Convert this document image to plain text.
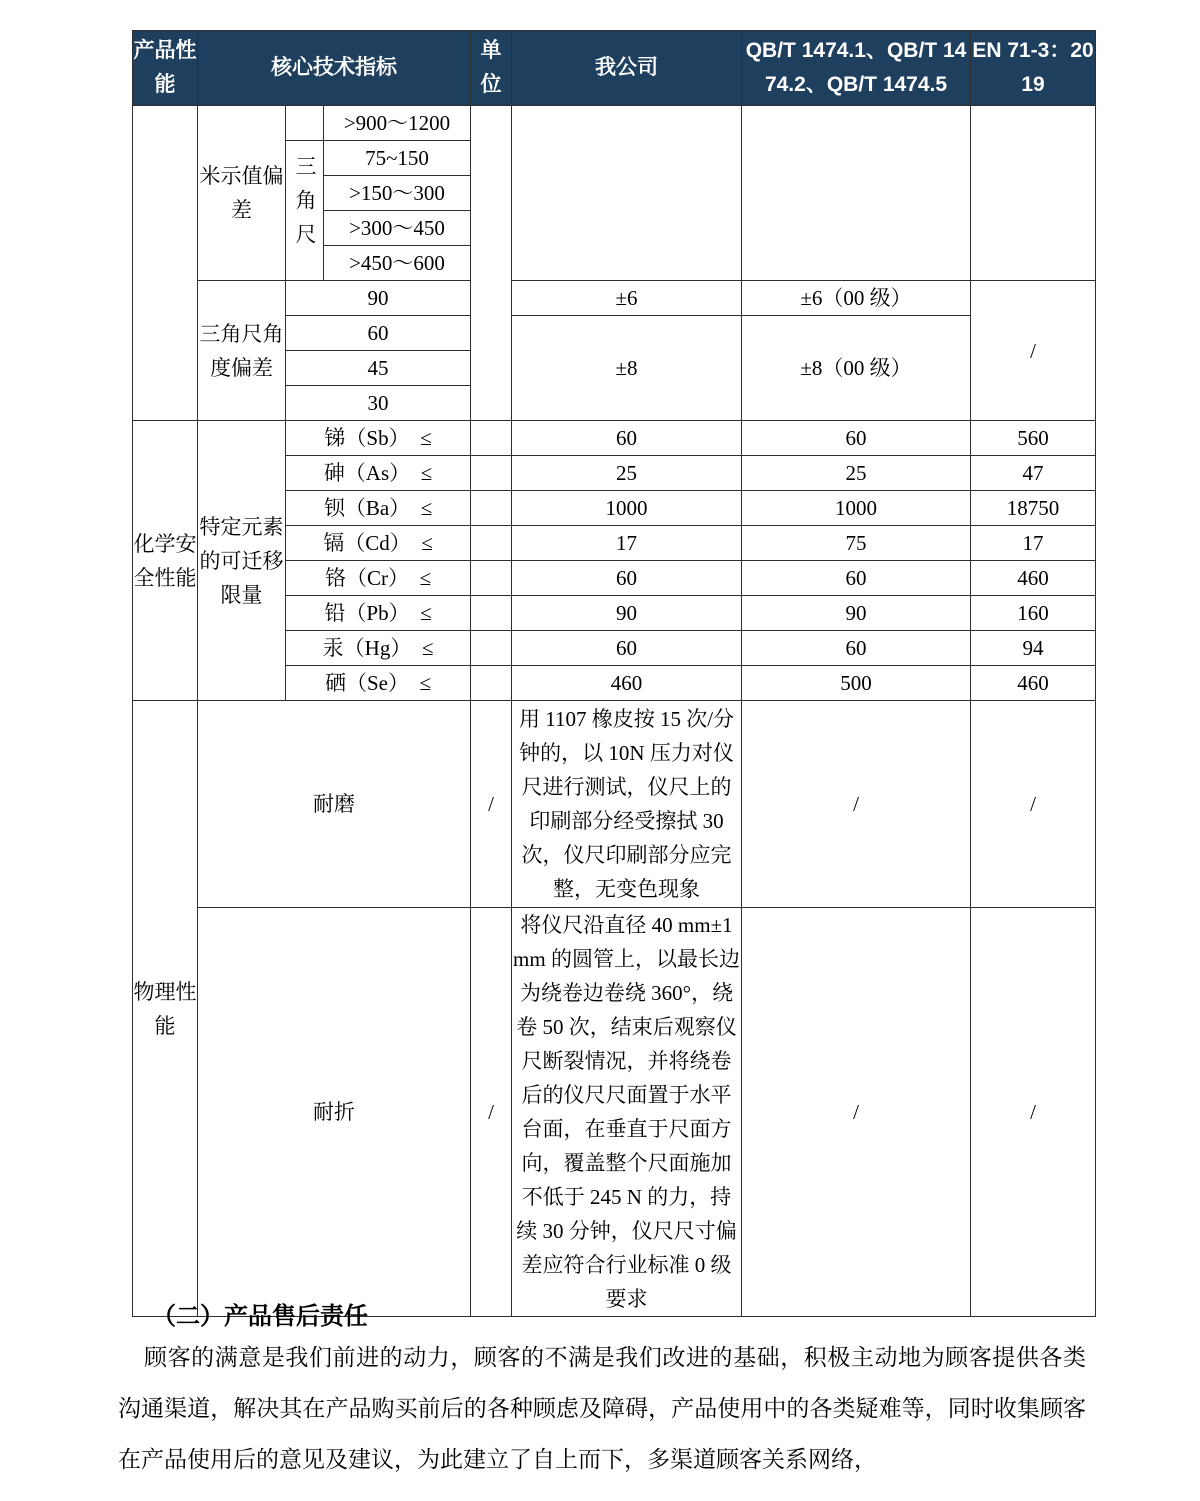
产品性能	核心技术指标			单位	我公司	QB/T 1474.1、QB/T 1474.2、QB/T 1474.5	EN 71-3：2019
	米示值偏差		>900～1200				
		三角尺	75~150				
			>150～300				
			>300～450				
			>450～600				
	三角尺角度偏差	90			±6	±6（00 级）	/
		60			±8	±8（00 级）	
		45					
		30					
化学安全性能	特定元素的可迁移限量	锑（Sb）　≤			60	60	560
		砷（As）　≤			25	25	47
		钡（Ba）　≤			1000	1000	18750
		镉（Cd）　≤			17	75	17
		铬（Cr）　≤			60	60	460
		铅（Pb）　≤			90	90	160
		汞（Hg）　≤			60	60	94
		硒（Se）　≤			460	500	460
物理性能	耐磨			/	用 1107 橡皮按 15 次/分钟的，以 10N 压力对仪尺进行测试，仪尺上的印刷部分经受擦拭 30 次，仪尺印刷部分应完整，无变色现象	/	/
	耐折			/	将仪尺沿直径 40 mm±1 mm 的圆管上，以最长边为绕卷边卷绕 360°，绕卷 50 次，结束后观察仪尺断裂情况，并将绕卷后的仪尺尺面置于水平台面，在垂直于尺面方向，覆盖整个尺面施加不低于 245 N 的力，持续 30 分钟，仪尺尺寸偏差应符合行业标准 0 级要求	/	/
（二）产品售后责任
顾客的满意是我们前进的动力，顾客的不满是我们改进的基础，积极主动地为顾客提供各类沟通渠道，解决其在产品购买前后的各种顾虑及障碍，产品使用中的各类疑难等，同时收集顾客在产品使用后的意见及建议，为此建立了自上而下，多渠道顾客关系网络，
